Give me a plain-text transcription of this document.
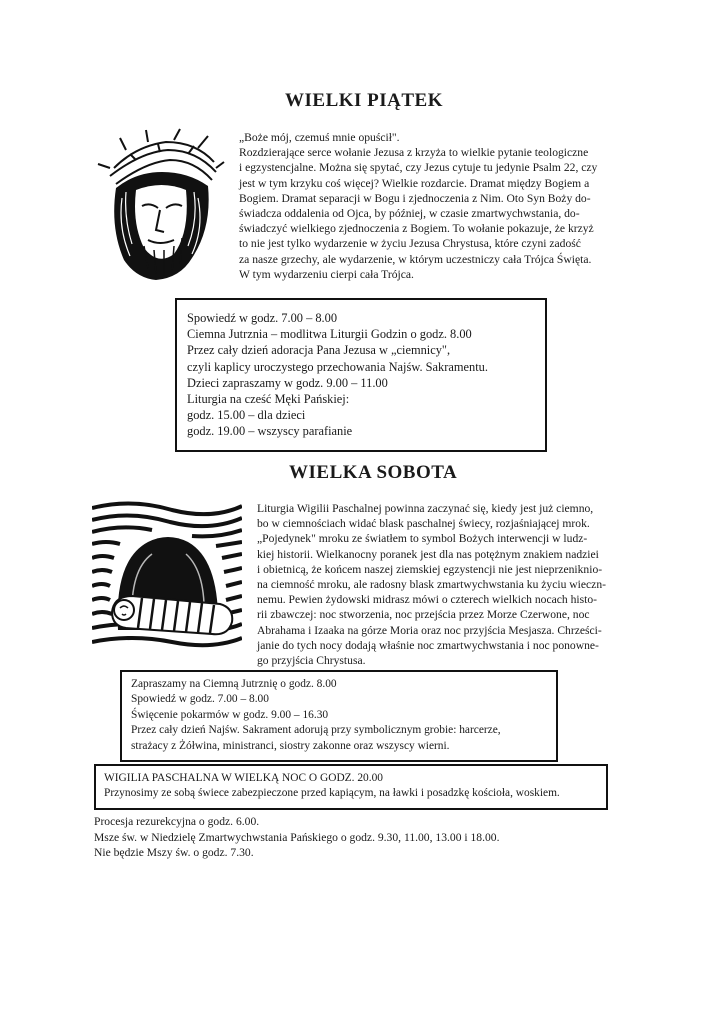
WIELKI PIĄTEK
„Boże mój, czemuś mnie opuścił".
Rozdzierające serce wołanie Jezusa z krzyża to wielkie pytanie teologiczne
i egzystencjalne. Można się spytać, czy Jezus cytuje tu jedynie Psalm 22, czy
jest w tym krzyku coś więcej? Wielkie rozdarcie. Dramat między Bogiem a
Bogiem. Dramat separacji w Bogu i zjednoczenia z Nim. Oto Syn Boży do-
świadcza oddalenia od Ojca, by później, w czasie zmartwychwstania, do-
świadczyć wielkiego zjednoczenia z Bogiem. To wołanie pokazuje, że krzyż
to nie jest tylko wydarzenie w życiu Jezusa Chrystusa, które czyni zadość
za nasze grzechy, ale wydarzenie, w którym uczestniczy cała Trójca Święta.
W tym wydarzeniu cierpi cała Trójca.
Spowiedź w godz. 7.00 – 8.00
Ciemna Jutrznia – modlitwa Liturgii Godzin o godz. 8.00
Przez cały dzień adoracja Pana Jezusa w „ciemnicy",
czyli kaplicy uroczystego przechowania Najśw. Sakramentu.
Dzieci zapraszamy w godz. 9.00 – 11.00
Liturgia na cześć Męki Pańskiej:
godz. 15.00 – dla dzieci
godz. 19.00 – wszyscy parafianie
WIELKA SOBOTA
Liturgia Wigilii Paschalnej powinna zaczynać się, kiedy jest już ciemno,
bo w ciemnościach widać blask paschalnej świecy, rozjaśniającej mrok.
„Pojedynek" mroku ze światłem to symbol Bożych interwencji w ludz-
kiej historii. Wielkanocny poranek jest dla nas potężnym znakiem nadziei
i obietnicą, że końcem naszej ziemskiej egzystencji nie jest nieprzeniknio-
na ciemność mroku, ale radosny blask zmartwychwstania ku życiu wieczn-
nemu. Pewien żydowski midrasz mówi o czterech wielkich nocach histo-
rii zbawczej: noc stworzenia, noc przejścia przez Morze Czerwone, noc
Abrahama i Izaaka na górze Moria oraz noc przyjścia Mesjasza. Chrześci-
janie do tych nocy dodają właśnie noc zmartwychwstania i noc ponowne-
go przyjścia Chrystusa.
Zapraszamy na Ciemną Jutrznię o godz. 8.00
Spowiedź w godz. 7.00 – 8.00
Święcenie pokarmów w godz. 9.00 – 16.30
Przez cały dzień Najśw. Sakrament adorują przy symbolicznym grobie: harcerze,
strażacy z Żółwina, ministranci, siostry zakonne oraz wszyscy wierni.
WIGILIA PASCHALNA W WIELKĄ NOC O GODZ. 20.00
Przynosimy ze sobą świece zabezpieczone przed kapiącym, na ławki i posadzkę kościoła, woskiem.
Procesja rezurekcyjna o godz. 6.00.
Msze św. w Niedzielę Zmartwychwstania Pańskiego o godz. 9.30, 11.00, 13.00 i 18.00.
Nie będzie Mszy św. o godz. 7.30.
